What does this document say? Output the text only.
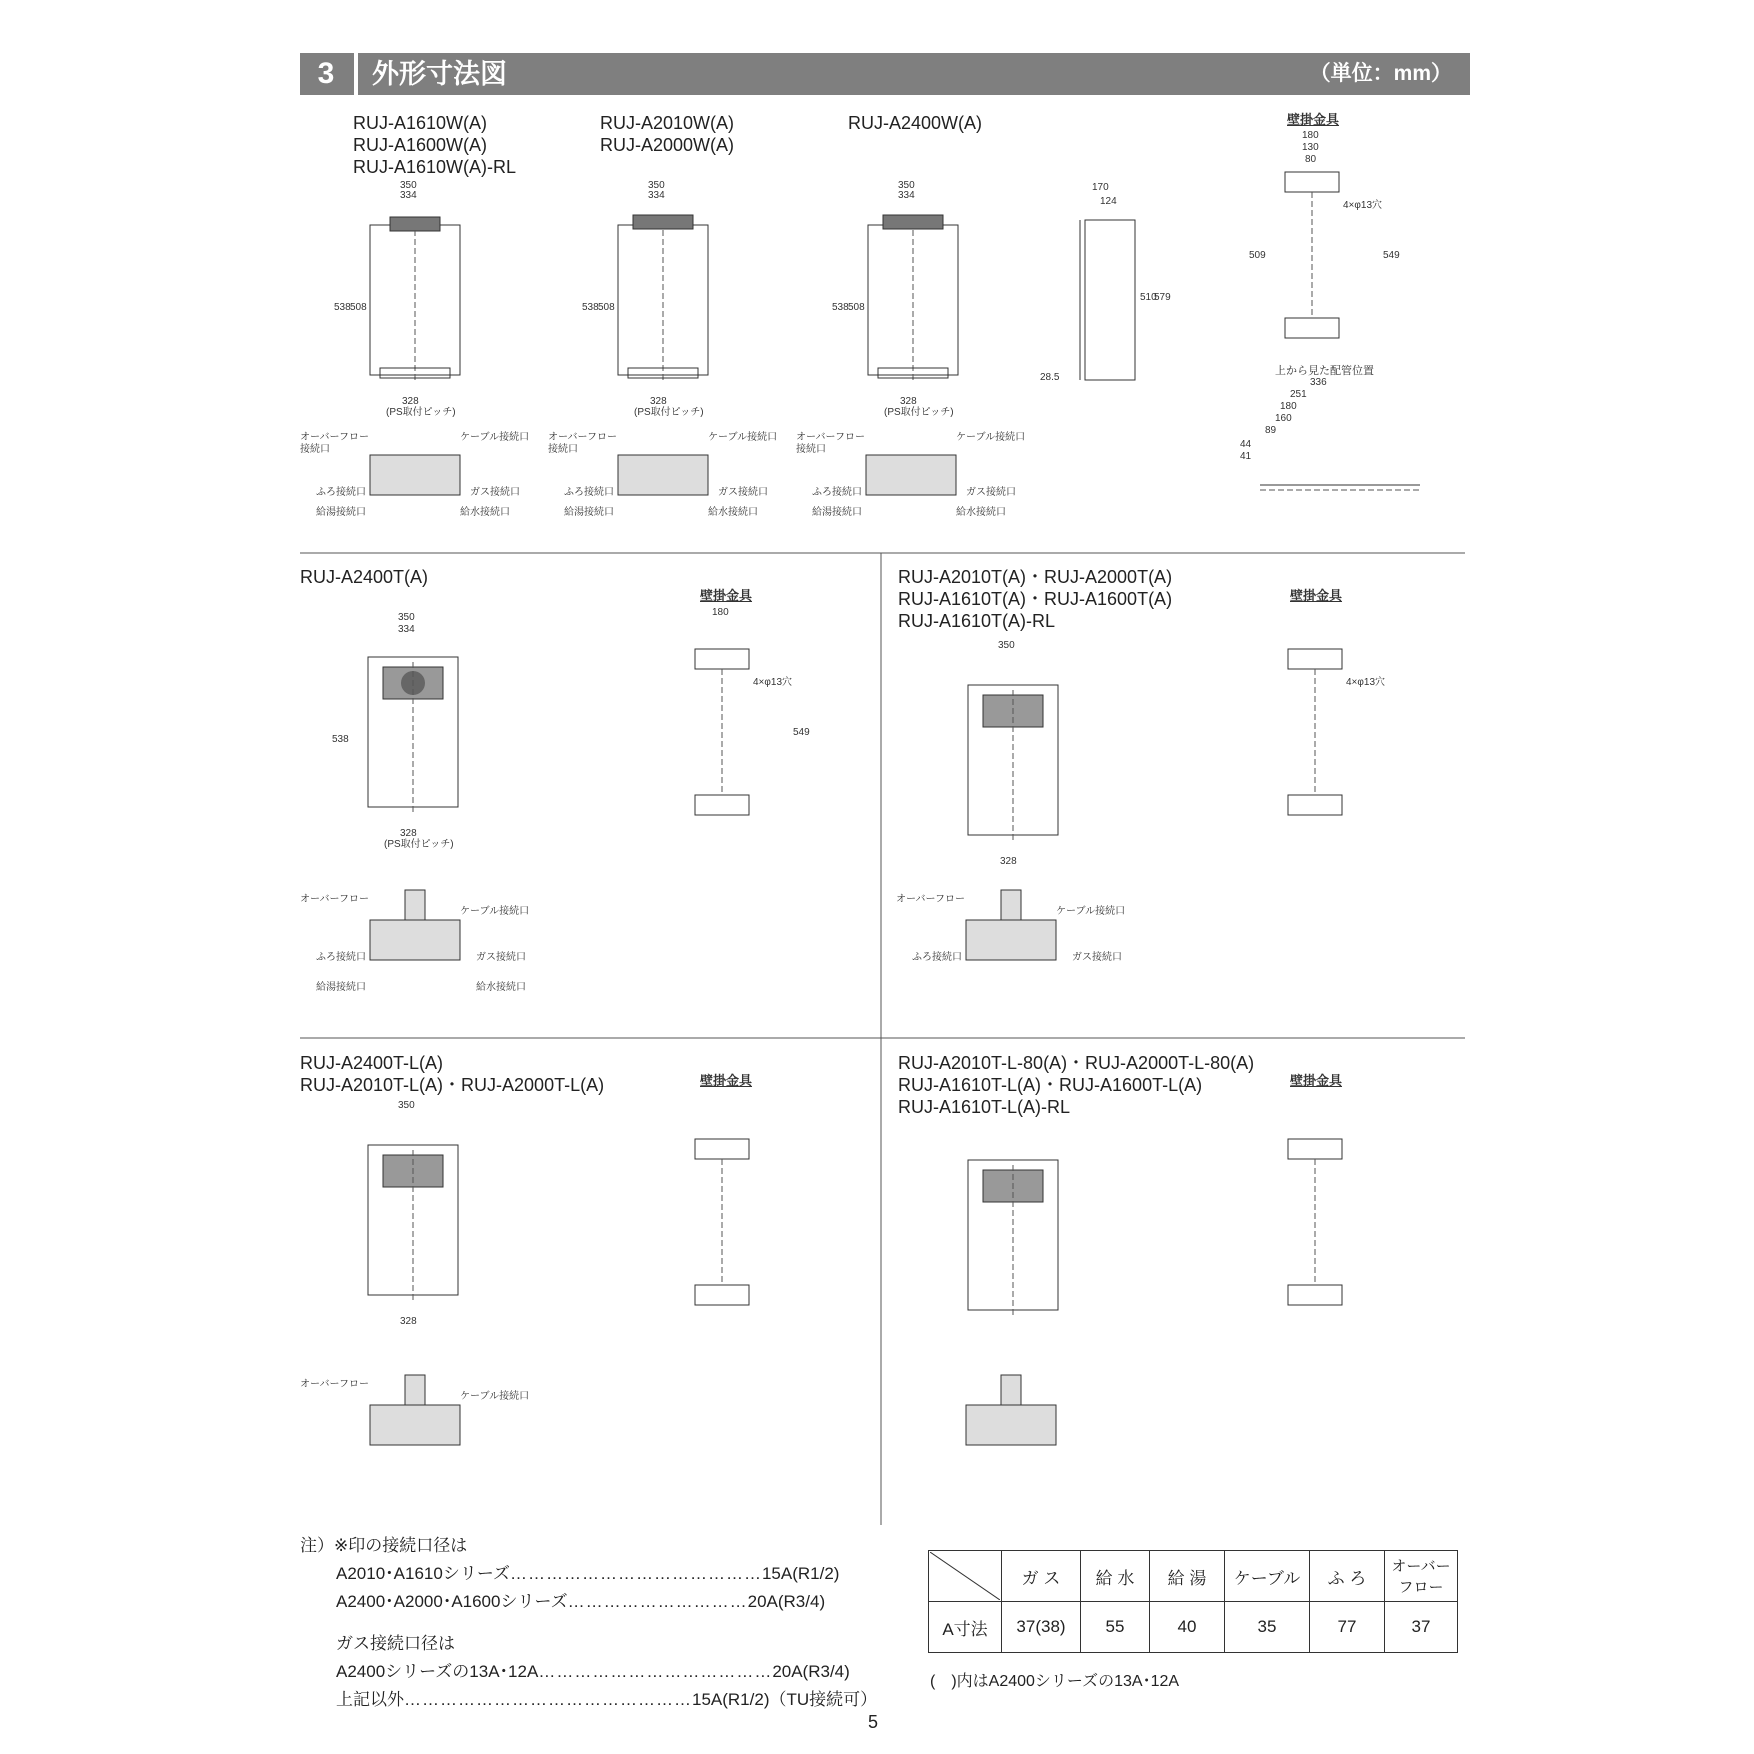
3	外形寸法図	（単位：mm）
RUJ-A1610W(A)
RUJ-A1600W(A)
RUJ-A1610W(A)-RL
RUJ-A2010W(A)
RUJ-A2000W(A)
RUJ-A2400W(A)
RUJ-A2400T(A)	RUJ-A2010T(A)・RUJ-A2000T(A)
RUJ-A1610T(A)・RUJ-A1600T(A)
RUJ-A1610T(A)-RL
RUJ-A2400T-L(A)
RUJ-A2010T-L(A)・RUJ-A2000T-L(A)
RUJ-A2010T-L-80(A)・RUJ-A2000T-L-80(A)
RUJ-A1610T-L(A)・RUJ-A1600T-L(A)
RUJ-A1610T-L(A)-RL
350
334
328
(PS取付ピッチ)
538 508
350
334
328
(PS取付ピッチ)
538 508
350
334
328
(PS取付ピッチ)
538 508
170
124
510
579
28.5
壁掛金具
180
130
80
4×φ13穴
509	549
上から見た配管位置
336
251
180
160
89
44
41
オーバーフロー
接続口
ケーブル接続口
ふろ接続口	ガス接続口
給湯接続口	給水接続口
オーバーフロー
接続口
ケーブル接続口
ふろ接続口	ガス接続口
給湯接続口	給水接続口
オーバーフロー
接続口
ケーブル接続口
ふろ接続口	ガス接続口
給湯接続口	給水接続口
350
334
328
(PS取付ピッチ)
538
壁掛金具
180
4×φ13穴
549
オーバーフロー
ケーブル接続口
ふろ接続口	ガス接続口
給湯接続口	給水接続口
350
328
壁掛金具
4×φ13穴
オーバーフロー
ケーブル接続口
ふろ接続口	ガス接続口
350
328
壁掛金具
オーバーフロー
ケーブル接続口
壁掛金具
注）※印の接続口径は
A2010･A1610シリーズ……………………………………15A(R1/2)
A2400･A2000･A1600シリーズ…………………………20A(R3/4)
ガス接続口径は
A2400シリーズの13A･12A…………………………………20A(R3/4)
上記以外…………………………………………15A(R1/2)（TU接続可）
	ガ ス	給 水	給 湯	ケーブル	ふ ろ	オーバーフロー
A寸法	37(38)	55	40	35	77	37
(　)内はA2400シリーズの13A･12A
5
